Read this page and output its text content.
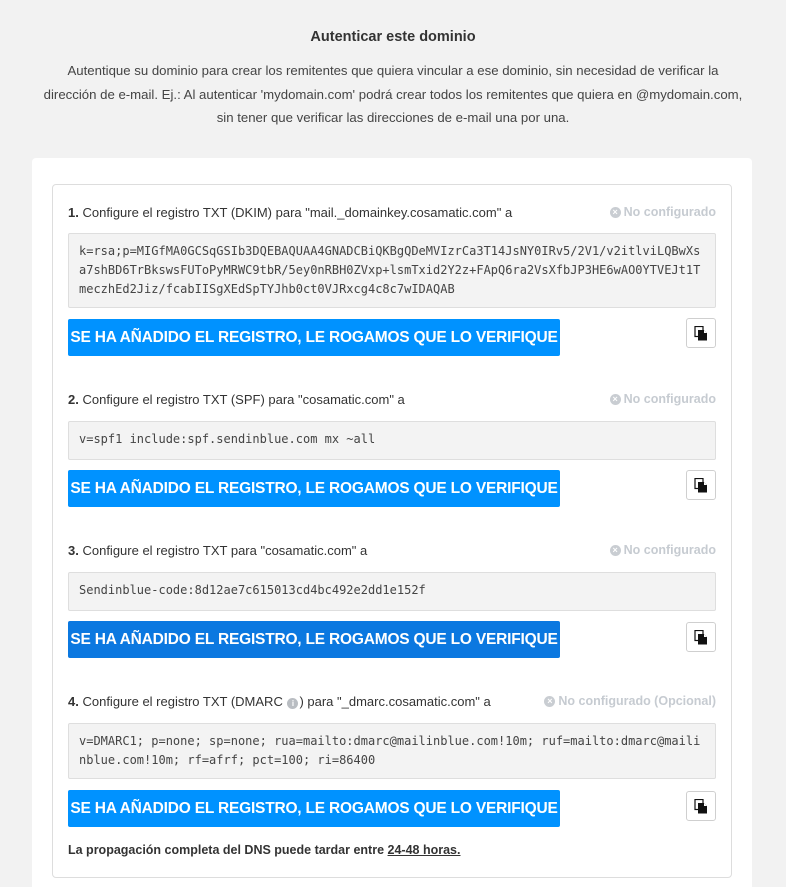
Autenticar este dominio
Autentique su dominio para crear los remitentes que quiera vincular a ese dominio, sin necesidad de verificar la dirección de e-mail. Ej.: Al autenticar 'mydomain.com' podrá crear todos los remitentes que quiera en @mydomain.com, sin tener que verificar las direcciones de e-mail una por una.
1. Configure el registro TXT (DKIM) para "mail._domainkey.cosamatic.com" a	× No configurado
k=rsa;p=MIGfMA0GCSqGSIb3DQEBAQUAA4GNADCBiQKBgQDeMVIzrCa3T14JsNY0IRv5/2V1/v2itlviLQBwXsa7shBD6TrBkswsFUToPyMRWC9tbR/5ey0nRBH0ZVxp+lsmTxid2Y2z+FApQ6ra2VsXfbJP3HE6wAO0YTVEJt1TmeczhEd2Jiz/fcabIISgXEdSpTYJhb0ct0VJRxcg4c8c7wIDAQAB
SE HA AÑADIDO EL REGISTRO, LE ROGAMOS QUE LO VERIFIQUE
2. Configure el registro TXT (SPF) para "cosamatic.com" a	× No configurado
v=spf1 include:spf.sendinblue.com mx ~all
SE HA AÑADIDO EL REGISTRO, LE ROGAMOS QUE LO VERIFIQUE
3. Configure el registro TXT para "cosamatic.com" a	× No configurado
Sendinblue-code:8d12ae7c615013cd4bc492e2dd1e152f
SE HA AÑADIDO EL REGISTRO, LE ROGAMOS QUE LO VERIFIQUE
4. Configure el registro TXT (DMARC i ) para "_dmarc.cosamatic.com" a	× No configurado (Opcional)
v=DMARC1; p=none; sp=none; rua=mailto:dmarc@mailinblue.com!10m; ruf=mailto:dmarc@mailinblue.com!10m; rf=afrf; pct=100; ri=86400
SE HA AÑADIDO EL REGISTRO, LE ROGAMOS QUE LO VERIFIQUE
La propagación completa del DNS puede tardar entre 24-48 horas.
